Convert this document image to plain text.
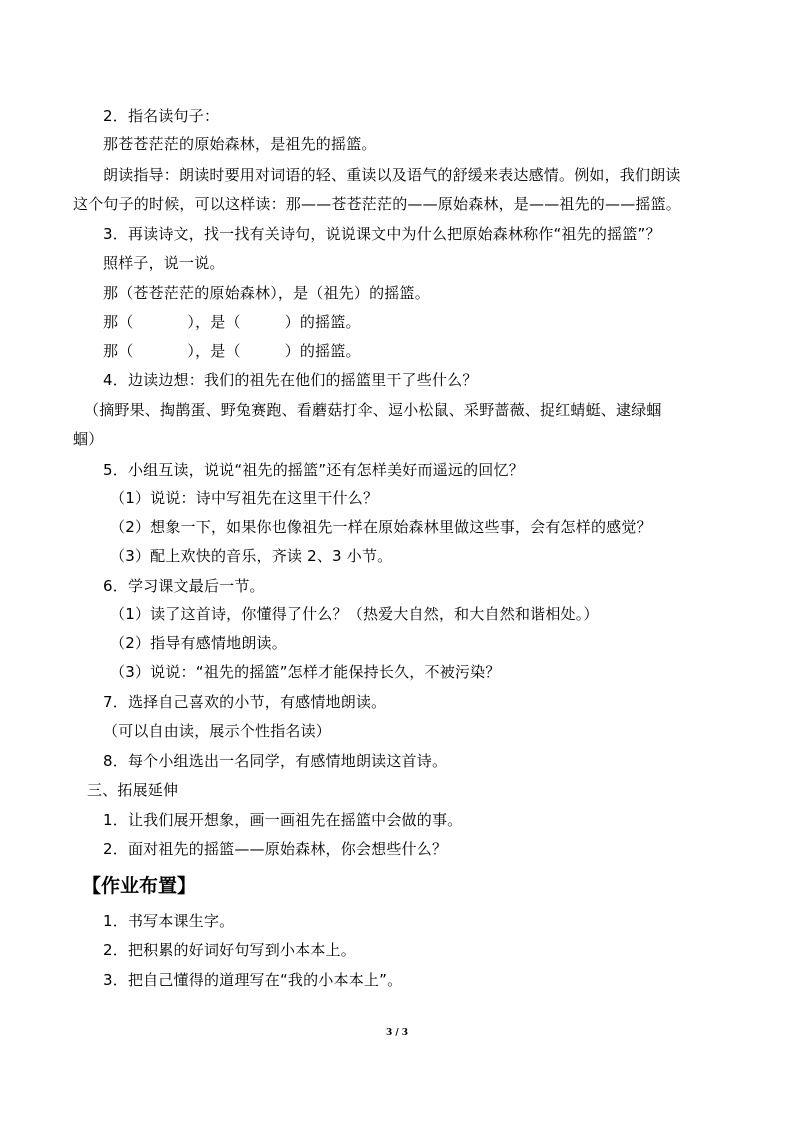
2．指名读句子：
那苍苍茫茫的原始森林，是祖先的摇篮。
朗读指导：朗读时要用对词语的轻、重读以及语气的舒缓来表达感情。例如，我们朗读
这个句子的时候，可以这样读：那——苍苍茫茫的——原始森林，是——祖先的——摇篮。
3．再读诗文，找一找有关诗句，说说课文中为什么把原始森林称作“祖先的摇篮”？
照样子，说一说。
那（苍苍茫茫的原始森林），是（祖先）的摇篮。
那（	），是（	）的摇篮。
那（	），是（	）的摇篮。
4．边读边想：我们的祖先在他们的摇篮里干了些什么？
（摘野果、掏鹊蛋、野兔赛跑、看蘑菇打伞、逗小松鼠、采野蔷薇、捉红蜻蜓、逮绿蝈
蝈）
5．小组互读，说说“祖先的摇篮”还有怎样美好而遥远的回忆？
（1）说说：诗中写祖先在这里干什么？
（2）想象一下，如果你也像祖先一样在原始森林里做这些事，会有怎样的感觉？
（3）配上欢快的音乐，齐读 2、3 小节。
6．学习课文最后一节。
（1）读了这首诗，你懂得了什么？（热爱大自然，和大自然和谐相处。）
（2）指导有感情地朗读。
（3）说说：“祖先的摇篮”怎样才能保持长久，不被污染？
7．选择自己喜欢的小节，有感情地朗读。
（可以自由读，展示个性指名读）
8．每个小组选出一名同学，有感情地朗读这首诗。
三、拓展延伸
1．让我们展开想象，画一画祖先在摇篮中会做的事。
2．面对祖先的摇篮——原始森林，你会想些什么？
【作业布置】
1．书写本课生字。
2．把积累的好词好句写到小本本上。
3．把自己懂得的道理写在“我的小本本上”。
3 / 3
